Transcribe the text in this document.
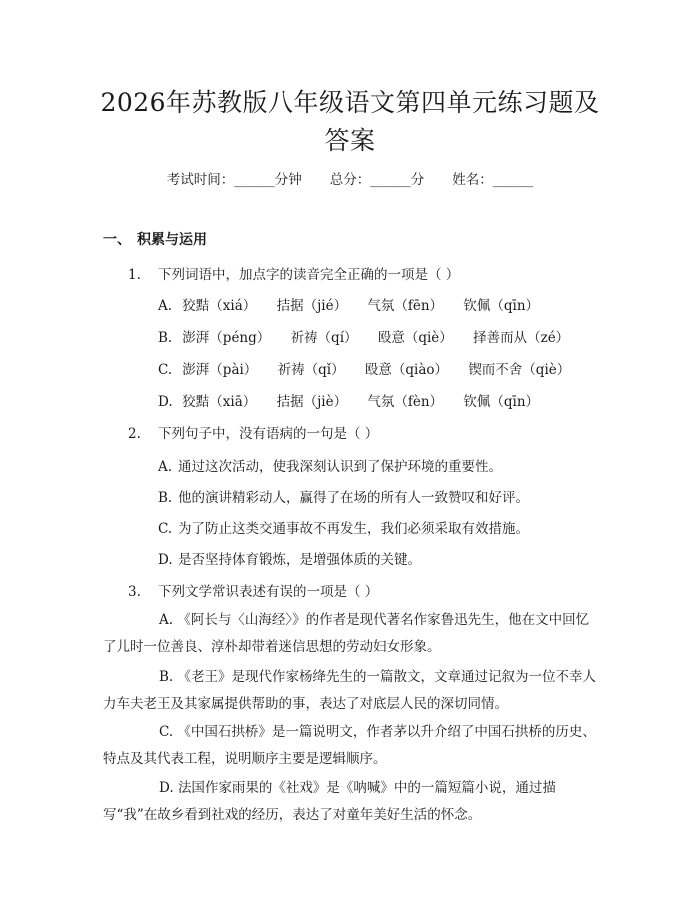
2026年苏教版八年级语文第四单元练习题及答案
考试时间：______分钟 总分：______分 姓名：______
一、 积累与运用
1. 下列词语中，加点字的读音完全正确的一项是（ ）
A. 狡黠（xiá） 拮据（jié） 气氛（fēn） 钦佩（qīn）
B. 澎湃（péng） 祈祷（qí） 殴意（qiè） 择善而从（zé）
C. 澎湃（pài） 祈祷（qǐ） 殴意（qiào） 锲而不舍（qiè）
D. 狡黠（xiā） 拮据（jiè） 气氛（fèn） 钦佩（qīn）
2. 下列句子中，没有语病的一句是（ ）
A. 通过这次活动，使我深刻认识到了保护环境的重要性。
B. 他的演讲精彩动人，赢得了在场的所有人一致赞叹和好评。
C. 为了防止这类交通事故不再发生，我们必须采取有效措施。
D. 是否坚持体育锻炼，是增强体质的关键。
3. 下列文学常识表述有误的一项是（ ）
A. 《阿长与〈山海经〉》的作者是现代著名作家鲁迅先生，他在文中回忆了儿时一位善良、淳朴却带着迷信思想的劳动妇女形象。
B. 《老王》是现代作家杨绛先生的一篇散文，文章通过记叙为一位不幸人力车夫老王及其家属提供帮助的事，表达了对底层人民的深切同情。
C. 《中国石拱桥》是一篇说明文，作者茅以升介绍了中国石拱桥的历史、特点及其代表工程，说明顺序主要是逻辑顺序。
D. 法国作家雨果的《社戏》是《呐喊》中的一篇短篇小说，通过描写“我”在故乡看到社戏的经历，表达了对童年美好生活的怀念。
